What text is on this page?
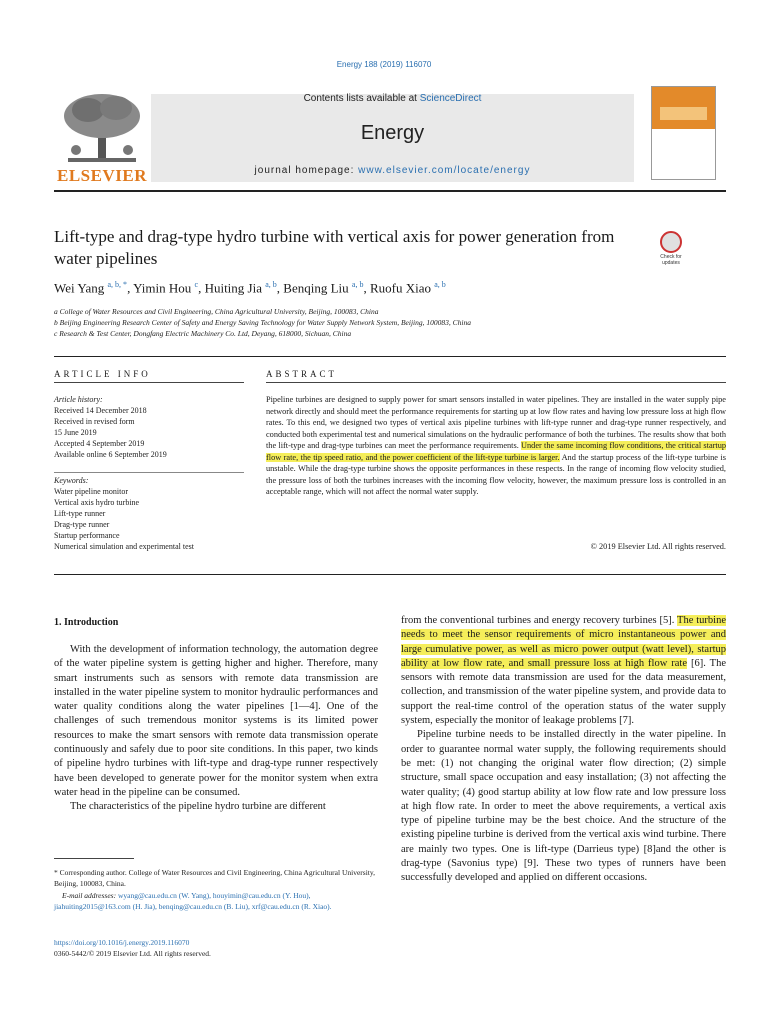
Energy 188 (2019) 116070
ELSEVIER
Contents lists available at ScienceDirect
Energy
journal homepage: www.elsevier.com/locate/energy
Lift-type and drag-type hydro turbine with vertical axis for power generation from water pipelines	Check for updates
Wei Yang $^{a, b, *}$, Yimin Hou $^c$, Huiting Jia $^{a, b}$, Benqing Liu $^{a, b}$, Ruofu Xiao $^{a, b}$
a College of Water Resources and Civil Engineering, China Agricultural University, Beijing, 100083, China
b Beijing Engineering Research Center of Safety and Energy Saving Technology for Water Supply Network System, Beijing, 100083, China
c Research & Test Center, Dongfang Electric Machinery Co. Ltd, Deyang, 618000, Sichuan, China
ARTICLE INFO
Article history:
Received 14 December 2018
Received in revised form
15 June 2019
Accepted 4 September 2019
Available online 6 September 2019
Keywords:
Water pipeline monitor
Vertical axis hydro turbine
Lift-type runner
Drag-type runner
Startup performance
Numerical simulation and experimental test
ABSTRACT
Pipeline turbines are designed to supply power for smart sensors installed in water pipelines. They are installed in the water supply pipe network directly and should meet the performance requirements for starting up at low flow rates and having low pressure loss at high flow rates. To this end, we designed two types of vertical axis pipeline turbines with lift-type runner and drag-type runner respectively, and conducted both experimental test and numerical simulations on the hydraulic performance of both the turbines. The results show that both the lift-type and drag-type turbines can meet the performance requirements. Under the same incoming flow conditions, the critical startup flow rate, the tip speed ratio, and the power coefficient of the lift-type turbine is larger. And the startup process of the lift-type turbine is unstable. While the drag-type turbine shows the opposite performances in these respects. In the range of incoming flow velocity studied, the pressure loss of both the turbines increases with the incoming flow velocity, however, the maximum pressure loss is controlled in an acceptable range, which will not affect the normal water supply.
© 2019 Elsevier Ltd. All rights reserved.
1. Introduction

With the development of information technology, the automation degree of the water pipeline system is getting higher and higher. Therefore, many smart instruments such as sensors with remote data transmission are installed in the water pipeline system to monitor hydraulic performances and water quality conditions along the water pipelines [1—4]. One of the challenges of such tremendous monitor systems is its limited power resources to make the smart sensors with remote data transmission operate continuously and safely due to poor site conditions. In this paper, two kinds of pipeline hydro turbines with lift-type and drag-type runner respectively have been developed to generate power for the monitor system when extra water head in the pipeline can be consumed.

The characteristics of the pipeline hydro turbine are different

from the conventional turbines and energy recovery turbines [5]. The turbine needs to meet the sensor requirements of micro instantaneous power and large cumulative power, as well as micro power output (watt level), startup ability at low flow rate, and small pressure loss at high flow rate [6]. The sensors with remote data transmission are used for the data measurement, collection, and transmission of the water pipeline system, and provide data to support the real-time control of the operation status of the water supply system, especially the monitor of leakage problems [7].

Pipeline turbine needs to be installed directly in the water pipeline. In order to guarantee normal water supply, the following requirements should be met: (1) not changing the original water flow direction; (2) simple structure, small space occupation and easy installation; (3) not affecting the water quality; (4) good startup ability at low flow rate and low pressure loss at high flow rate. In order to meet the above requirements, a vertical axis type of pipeline turbine may be the best choice. And the structure of the existing pipeline turbine is derived from the vertical axis wind turbine. There are mainly two types. One is lift-type (Darrieus type) [8]and the other is drag-type (Savonius type) [9]. These two types of runners have been successfully developed and applied on different occasions.

* Corresponding author. College of Water Resources and Civil Engineering, China Agricultural University, Beijing, 100083, China.
E-mail addresses: wyang@cau.edu.cn (W. Yang), houyimin@cau.edu.cn (Y. Hou), jiahuiting2015@163.com (H. Jia), benqing@cau.edu.cn (B. Liu), xrf@cau.edu.cn (R. Xiao).
https://doi.org/10.1016/j.energy.2019.116070
0360-5442/© 2019 Elsevier Ltd. All rights reserved.
